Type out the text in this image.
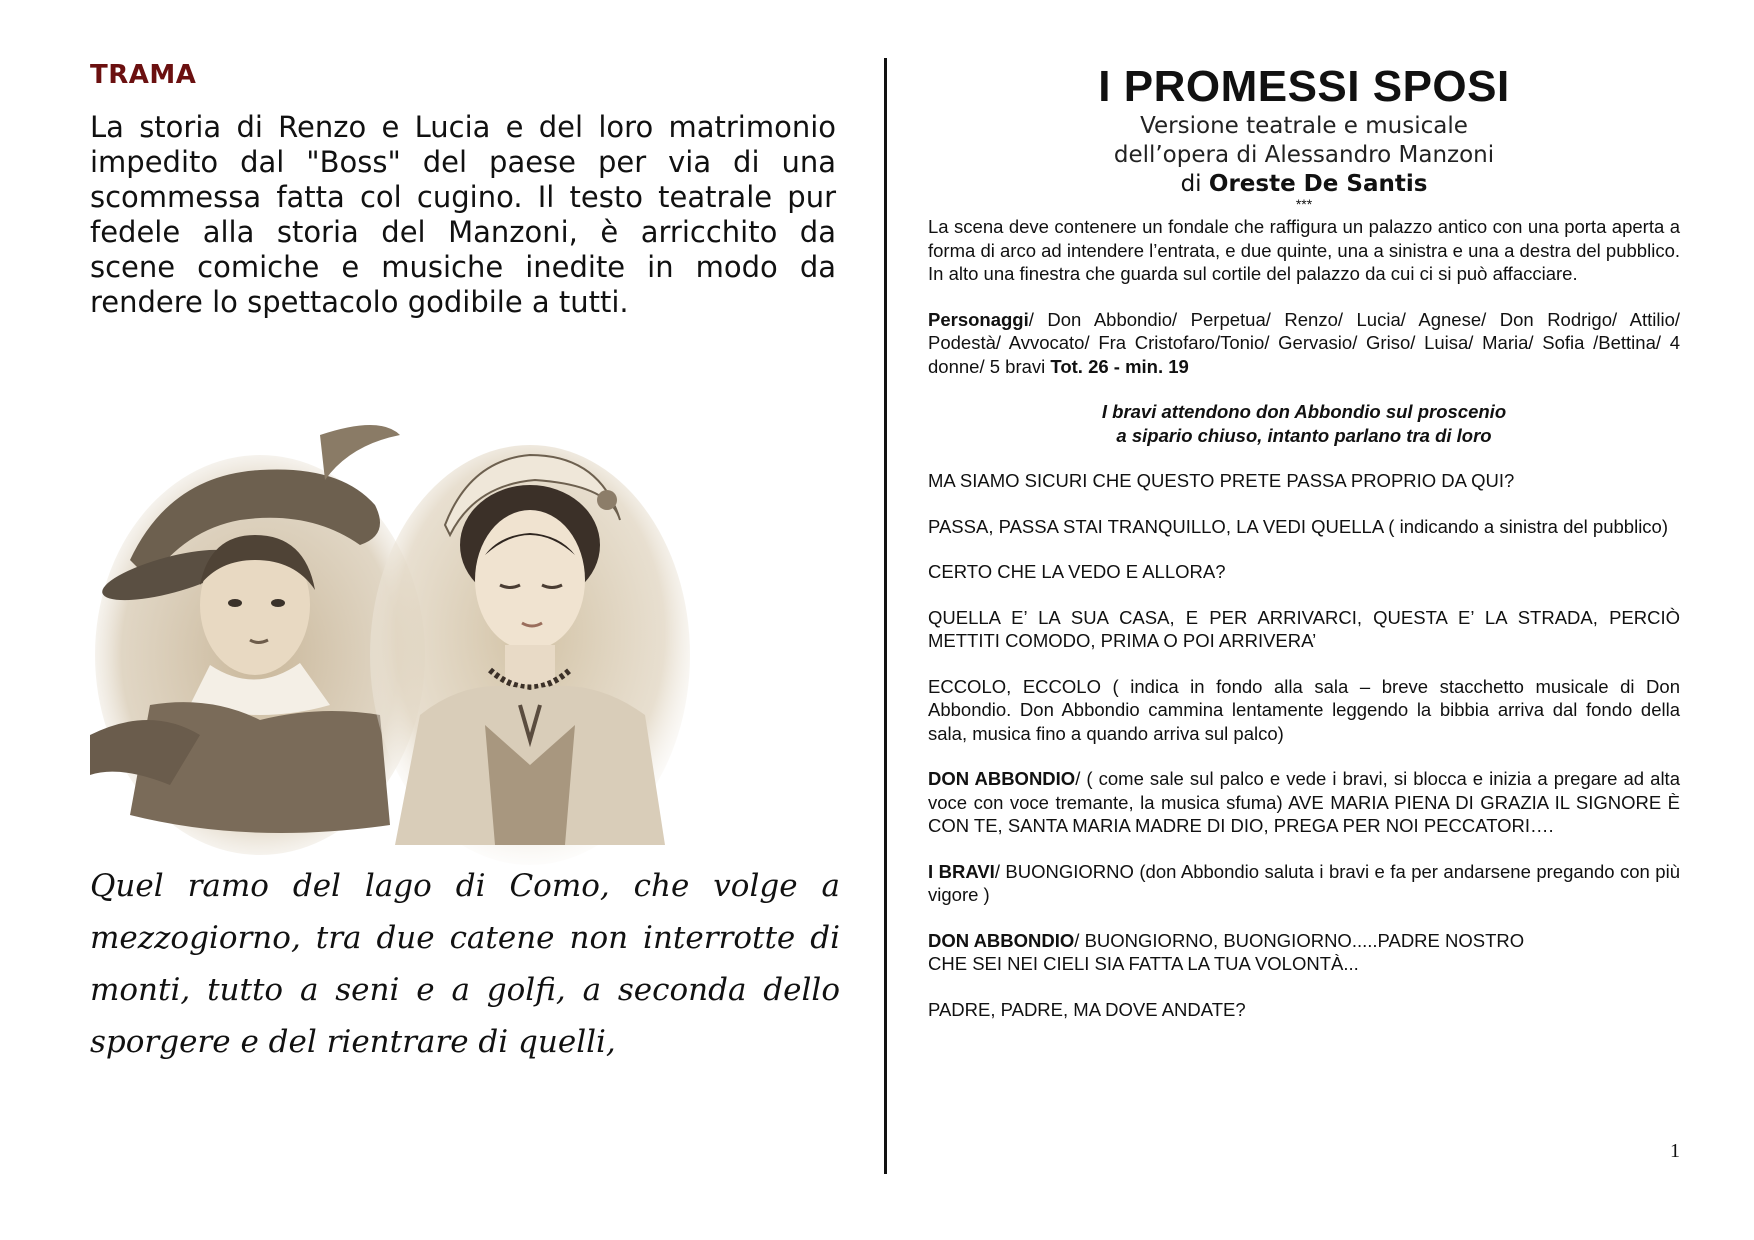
TRAMA

La storia di Renzo e Lucia e del loro matrimonio impedito dal "Boss" del paese per via di una scommessa fatta col cugino. Il testo teatrale pur fedele alla storia del Manzoni, è arricchito da scene comiche e musiche inedite in modo da rendere lo spettacolo godibile a tutti.

Quel ramo del lago di Como, che volge a mezzogiorno, tra due catene non interrotte di monti, tutto a seni e a golfi, a seconda dello sporgere e del rientrare di quelli,

I PROMESSI SPOSI

Versione teatrale e musicale

dell’opera di Alessandro Manzoni

di Oreste De Santis

***

La scena deve contenere un fondale che raffigura un palazzo antico con una porta aperta a forma di arco ad intendere l’entrata, e due quinte, una a sinistra e una a destra del pubblico. In alto una finestra che guarda sul cortile del palazzo da cui ci si può affacciare.

Personaggi/ Don Abbondio/ Perpetua/ Renzo/ Lucia/ Agnese/ Don Rodrigo/ Attilio/ Podestà/ Avvocato/ Fra Cristofaro/Tonio/ Gervasio/ Griso/ Luisa/ Maria/ Sofia /Bettina/ 4 donne/ 5 bravi Tot. 26 - min. 19

I bravi attendono don Abbondio sul proscenio
a sipario chiuso, intanto parlano tra di loro

MA SIAMO SICURI CHE QUESTO PRETE PASSA PROPRIO DA QUI?

PASSA, PASSA STAI TRANQUILLO, LA VEDI QUELLA ( indicando a sinistra del pubblico)

CERTO CHE LA VEDO E ALLORA?

QUELLA E’ LA SUA CASA, E PER ARRIVARCI, QUESTA E’ LA STRADA, PERCIÒ METTITI COMODO, PRIMA O POI ARRIVERA’

ECCOLO, ECCOLO ( indica in fondo alla sala – breve stacchetto musicale di Don Abbondio. Don Abbondio cammina lentamente leggendo la bibbia arriva dal fondo della sala, musica fino a quando arriva sul palco)

DON ABBONDIO/ ( come sale sul palco e vede i bravi, si blocca e inizia a pregare ad alta voce con voce tremante, la musica sfuma) AVE MARIA PIENA DI GRAZIA IL SIGNORE È CON TE, SANTA MARIA MADRE DI DIO, PREGA PER NOI PECCATORI….

I BRAVI/ BUONGIORNO (don Abbondio saluta i bravi e fa per andarsene pregando con più vigore )

DON ABBONDIO/ BUONGIORNO, BUONGIORNO.....PADRE NOSTRO
CHE SEI NEI CIELI SIA FATTA LA TUA VOLONTÀ...

PADRE, PADRE, MA DOVE ANDATE?

1
